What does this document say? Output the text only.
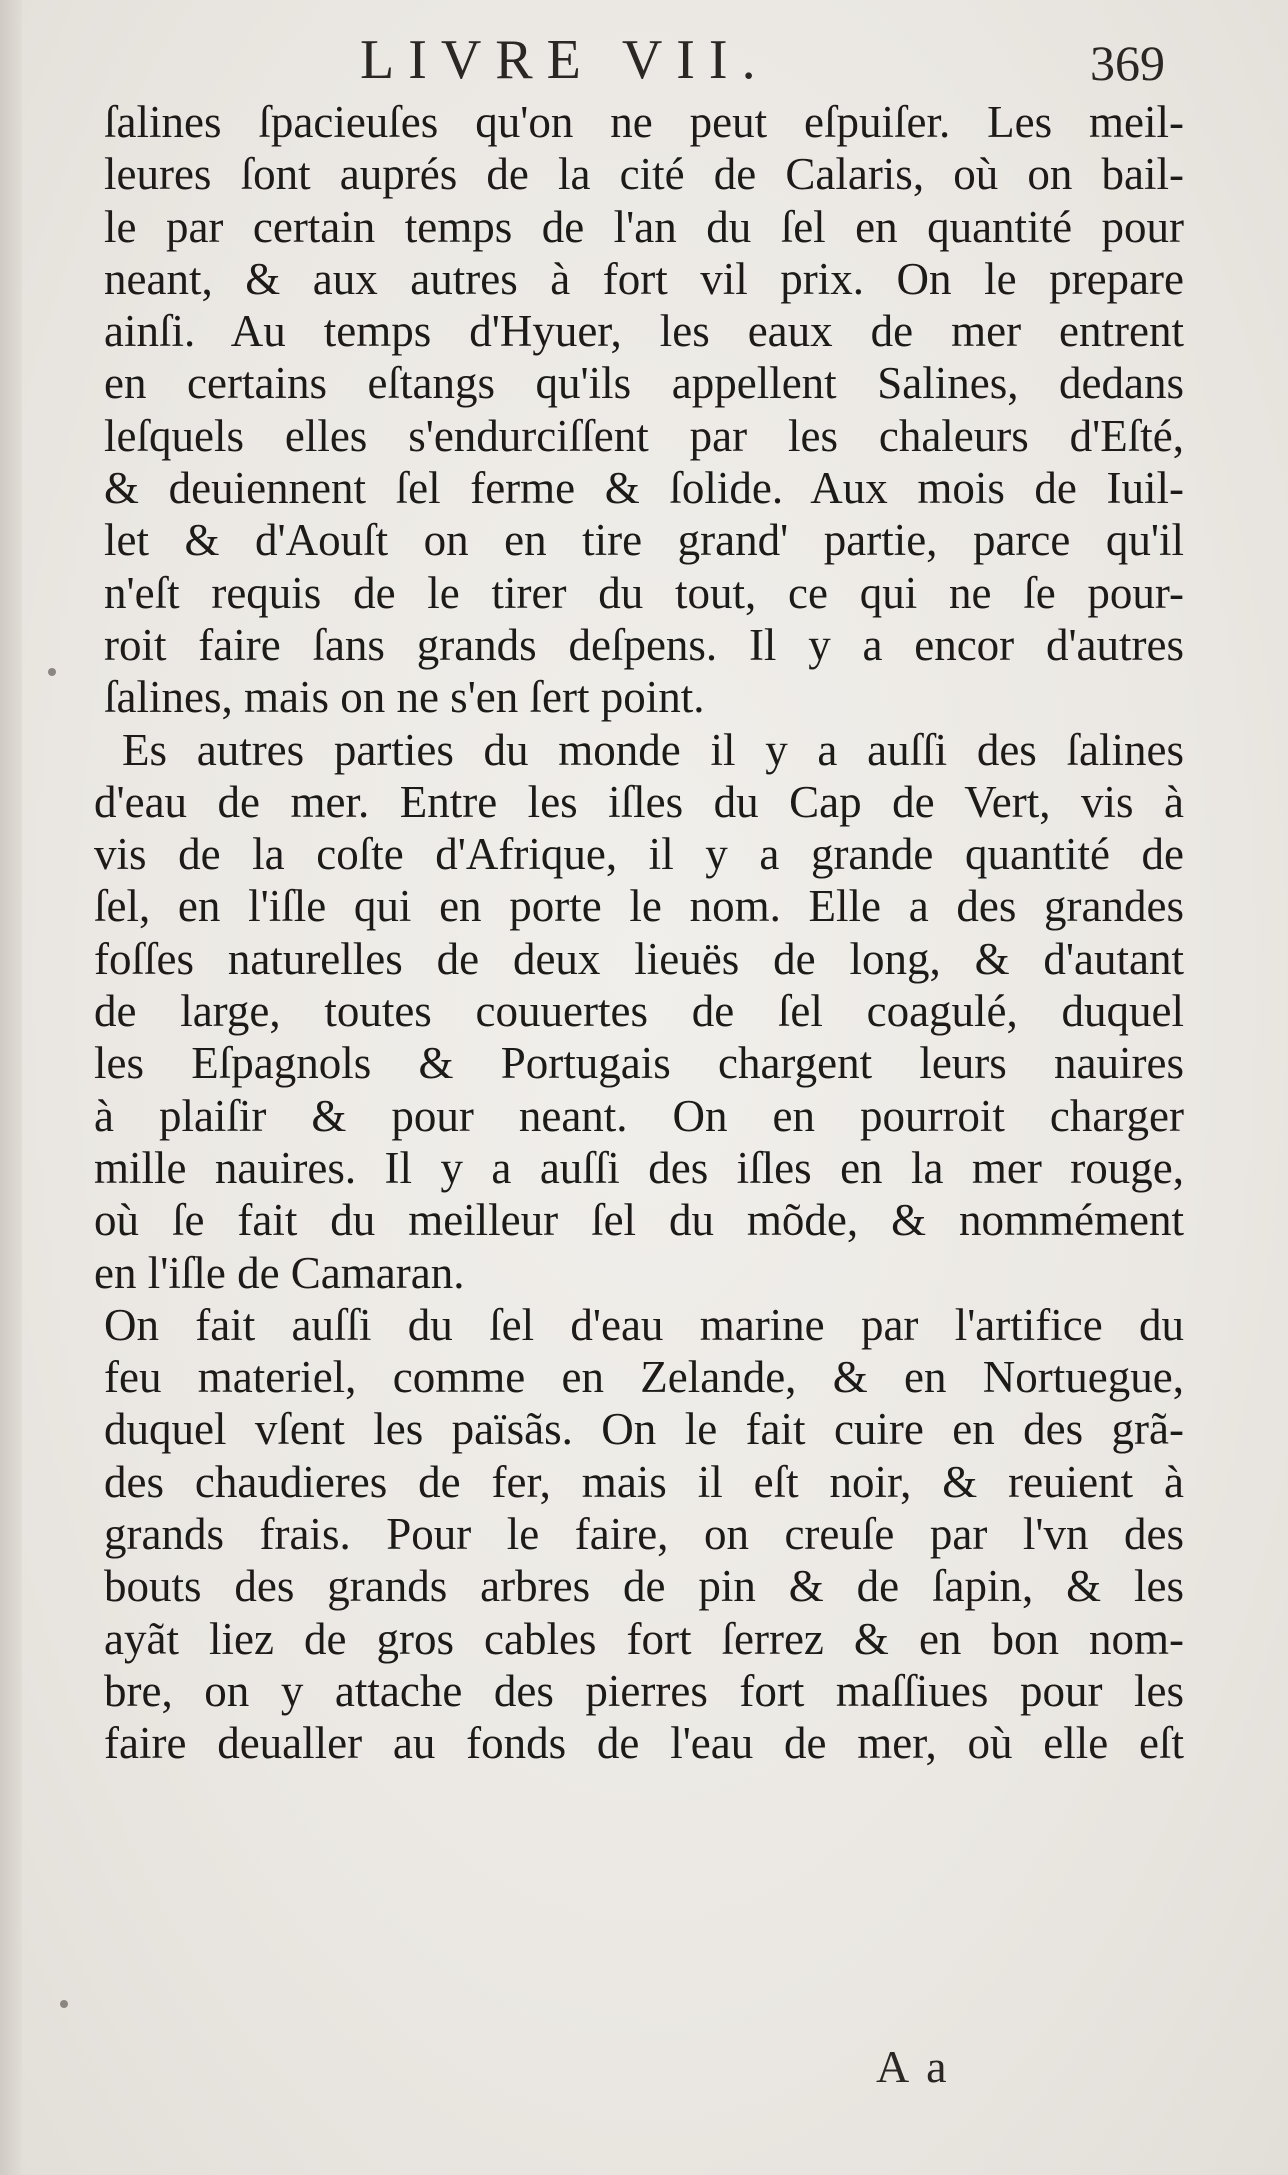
LIVRE VII.	369
ſalines ſpacieuſes qu'on ne peut eſpuiſer. Les meil-
leures ſont auprés de la cité de Calaris, où on bail-
le par certain temps de l'an du ſel en quantité pour
neant, & aux autres à fort vil prix. On le prepare
ainſi. Au temps d'Hyuer, les eaux de mer entrent
en certains eſtangs qu'ils appellent Salines, dedans
leſquels elles s'endurciſſent par les chaleurs d'Eſté,
& deuiennent ſel ferme & ſolide. Aux mois de Iuil-
let & d'Aouſt on en tire grand' partie, parce qu'il
n'eſt requis de le tirer du tout, ce qui ne ſe pour-
roit faire ſans grands deſpens. Il y a encor d'autres
ſalines, mais on ne s'en ſert point.
Es autres parties du monde il y a auſſi des ſalines
d'eau de mer. Entre les iſles du Cap de Vert, vis à
vis de la coſte d'Afrique, il y a grande quantité de
ſel, en l'iſle qui en porte le nom. Elle a des grandes
foſſes naturelles de deux lieuës de long, & d'autant
de large, toutes couuertes de ſel coagulé, duquel
les Eſpagnols & Portugais chargent leurs nauires
à plaiſir & pour neant. On en pourroit charger
mille nauires. Il y a auſſi des iſles en la mer rouge,
où ſe fait du meilleur ſel du mõde, & nommément
en l'iſle de Camaran.
On fait auſſi du ſel d'eau marine par l'artifice du
feu materiel, comme en Zelande, & en Nortuegue,
duquel vſent les païsãs. On le fait cuire en des grã-
des chaudieres de fer, mais il eſt noir, & reuient à
grands frais. Pour le faire, on creuſe par l'vn des
bouts des grands arbres de pin & de ſapin, & les
ayãt liez de gros cables fort ſerrez & en bon nom-
bre, on y attache des pierres fort maſſiues pour les
faire deualler au fonds de l'eau de mer, où elle eſt
A a
